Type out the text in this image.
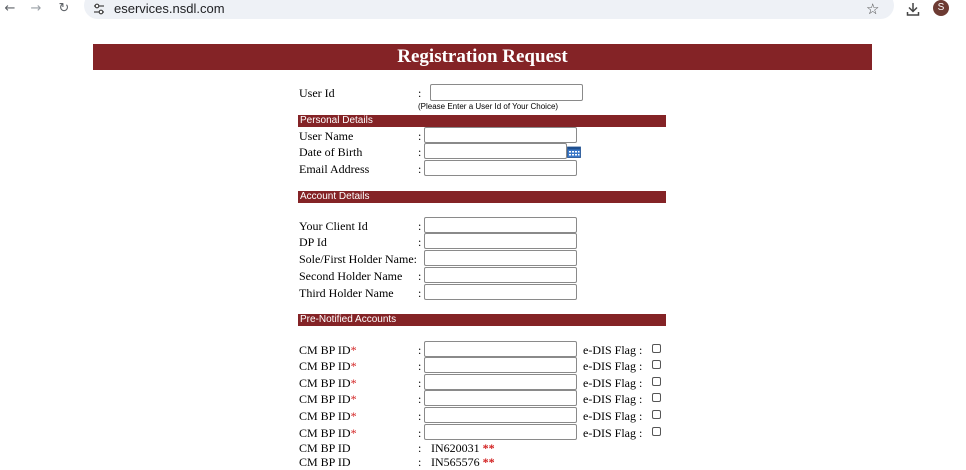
← → ↻	eservices.nsdl.com	☆	S
Registration Request
User Id	:
(Please Enter a User Id of Your Choice)
Personal Details
User Name	:
Date of Birth	:
Email Address	:
Account Details
Your Client Id	:
DP Id	:
Sole/First Holder Name:
Second Holder Name :
Third Holder Name :
Pre-Notified Accounts
CM BP ID*	:	e-DIS Flag :
CM BP ID*	:	e-DIS Flag :
CM BP ID*	:	e-DIS Flag :
CM BP ID*	:	e-DIS Flag :
CM BP ID*	:	e-DIS Flag :
CM BP ID*	:	e-DIS Flag :
CM BP ID	: IN620031 **
CM BP ID	: IN565576 **
